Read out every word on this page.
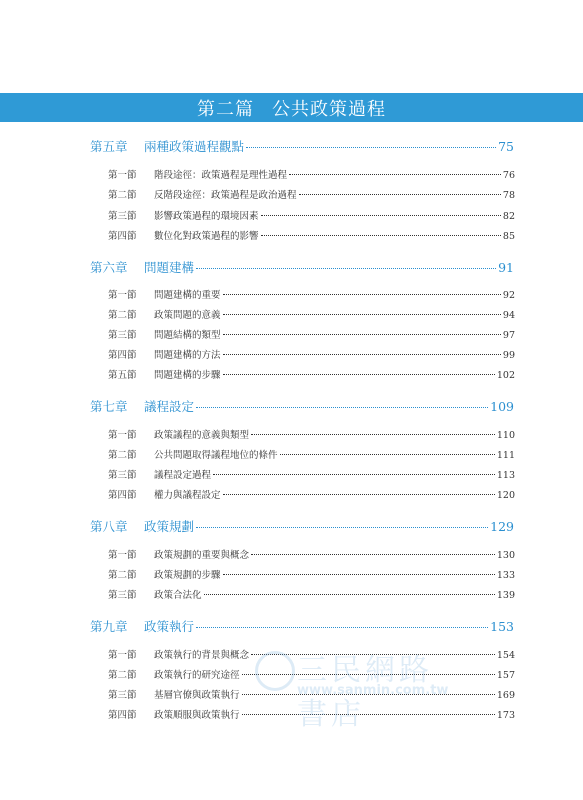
第二篇 公共政策過程
第五章	兩種政策過程觀點	75
第一節	階段途徑：政策過程是理性過程	76
第二節	反階段途徑：政策過程是政治過程	78
第三節	影響政策過程的環境因素	82
第四節	數位化對政策過程的影響	85
第六章	問題建構	91
第一節	問題建構的重要	92
第二節	政策問題的意義	94
第三節	問題結構的類型	97
第四節	問題建構的方法	99
第五節	問題建構的步驟	102
第七章	議程設定	109
第一節	政策議程的意義與類型	110
第二節	公共問題取得議程地位的條件	111
第三節	議程設定過程	113
第四節	權力與議程設定	120
第八章	政策規劃	129
第一節	政策規劃的重要與概念	130
第二節	政策規劃的步驟	133
第三節	政策合法化	139
第九章	政策執行	153
第一節	政策執行的背景與概念	154
第二節	政策執行的研究途徑	157
第三節	基層官僚與政策執行	169
第四節	政策順服與政策執行	173
三民網路書店
www.sanmin.com.tw
